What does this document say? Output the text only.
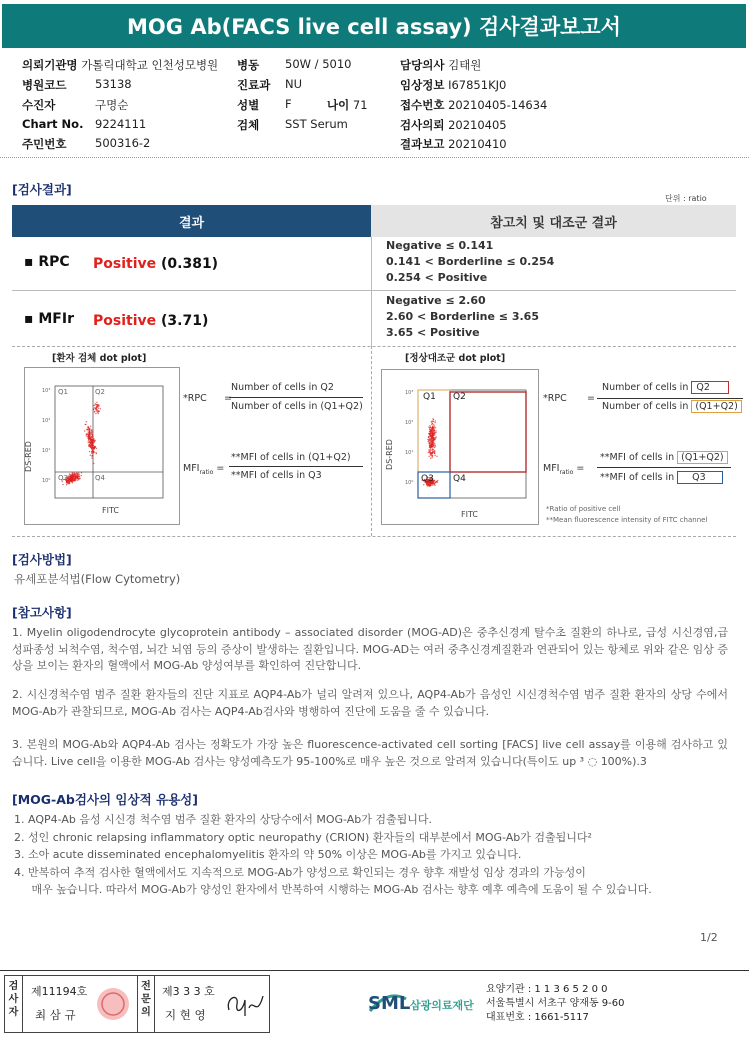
MOG Ab(FACS live cell assay) 검사결과보고서
의뢰기관명 가톨릭대학교 인천성모병원 병동 50W / 5010	담당의사 김태원
병원코드 53138	진료과 NU	임상정보 I67851KJ0
수진자	구명순	성별 F	나이 71	접수번호 20210405-14634
Chart No. 9224111	검체 SST Serum	검사의뢰 20210405
주민번호 500316-2	결과보고 20210410
[검사결과]
단위 : ratio
결과	참고치 및 대조군 결과
▪ RPC Positive (0.381)
Negative ≤ 0.141
0.141 < Borderline ≤ 0.254
0.254 < Positive
▪ MFIr Positive (3.71)
Negative ≤ 2.60
2.60 < Borderline ≤ 3.65
3.65 < Positive
[환자 검체 dot plot]	[정상대조군 dot plot]
Q1	Q2
Q3	Q4
10³
10²
10¹
10⁰
DS-RED
FITC
*RPC =
Number of cells in Q2
Number of cells in (Q1+Q2)
$MFI_{ratio}$ =
**MFI of cells in (Q1+Q2)
**MFI of cells in Q3
Q1 Q2
Q3 Q4
10³
10²
10¹
10⁰
DS-RED
FITC
*RPC =
Number of cells in Q2
Number of cells in (Q1+Q2)
$MFI_{ratio}$ =
**MFI of cells in (Q1+Q2)
**MFI of cells in Q3
*Ratio of positive cell
**Mean fluorescence intensity of FITC channel
[검사방법]
유세포분석법(Flow Cytometry)
[참고사항]
1. Myelin oligodendrocyte glycoprotein antibody – associated disorder (MOG-AD)은 중추신경계 탈수초 질환의 하나로, 급성 시신경염,급성파종성 뇌척수염, 척수염, 뇌간 뇌염 등의 증상이 발생하는 질환입니다. MOG-AD는 여러 중추신경계질환과 연관되어 있는 항체로 위와 같은 임상 증상을 보이는 환자의 혈액에서 MOG-Ab 양성여부를 확인하여 진단합니다.
2. 시신경척수염 범주 질환 환자들의 진단 지표로 AQP4-Ab가 널리 알려져 있으나, AQP4-Ab가 음성인 시신경척수염 범주 질환 환자의 상당 수에서 MOG-Ab가 관찰되므로, MOG-Ab 검사는 AQP4-Ab검사와 병행하여 진단에 도움을 줄 수 있습니다.
3. 본원의 MOG-Ab와 AQP4-Ab 검사는 정확도가 가장 높은 fluorescence-activated cell sorting [FACS] live cell assay를 이용해 검사하고 있습니다. Live cell을 이용한 MOG-Ab 검사는 양성예측도가 95-100%로 매우 높은 것으로 알려져 있습니다(특이도 up ³ ◌ 100%).3
[MOG-Ab검사의 임상적 유용성]
1. AQP4-Ab 음성 시신경 척수염 범주 질환 환자의 상당수에서 MOG-Ab가 검출됩니다.
2. 성인 chronic relapsing inflammatory optic neuropathy (CRION) 환자들의 대부분에서 MOG-Ab가 검출됩니다²
3. 소아 acute disseminated encephalomyelitis 환자의 약 50% 이상은 MOG-Ab를 가지고 있습니다.
4. 반복하여 추적 검사한 혈액에서도 지속적으로 MOG-Ab가 양성으로 확인되는 경우 향후 재발성 임상 경과의 가능성이
매우 높습니다. 따라서 MOG-Ab가 양성인 환자에서 반복하여 시행하는 MOG-Ab 검사는 향후 예후 예측에 도움이 될 수 있습니다.
1/2
검사자
제11194호
최 삼 규
전문의
제3 3 3 호
지 현 영
SML 삼광의료재단
요양기관 : 1 1 3 6 5 2 0 0
서울특별시 서초구 양재동 9-60
대표번호 : 1661-5117
